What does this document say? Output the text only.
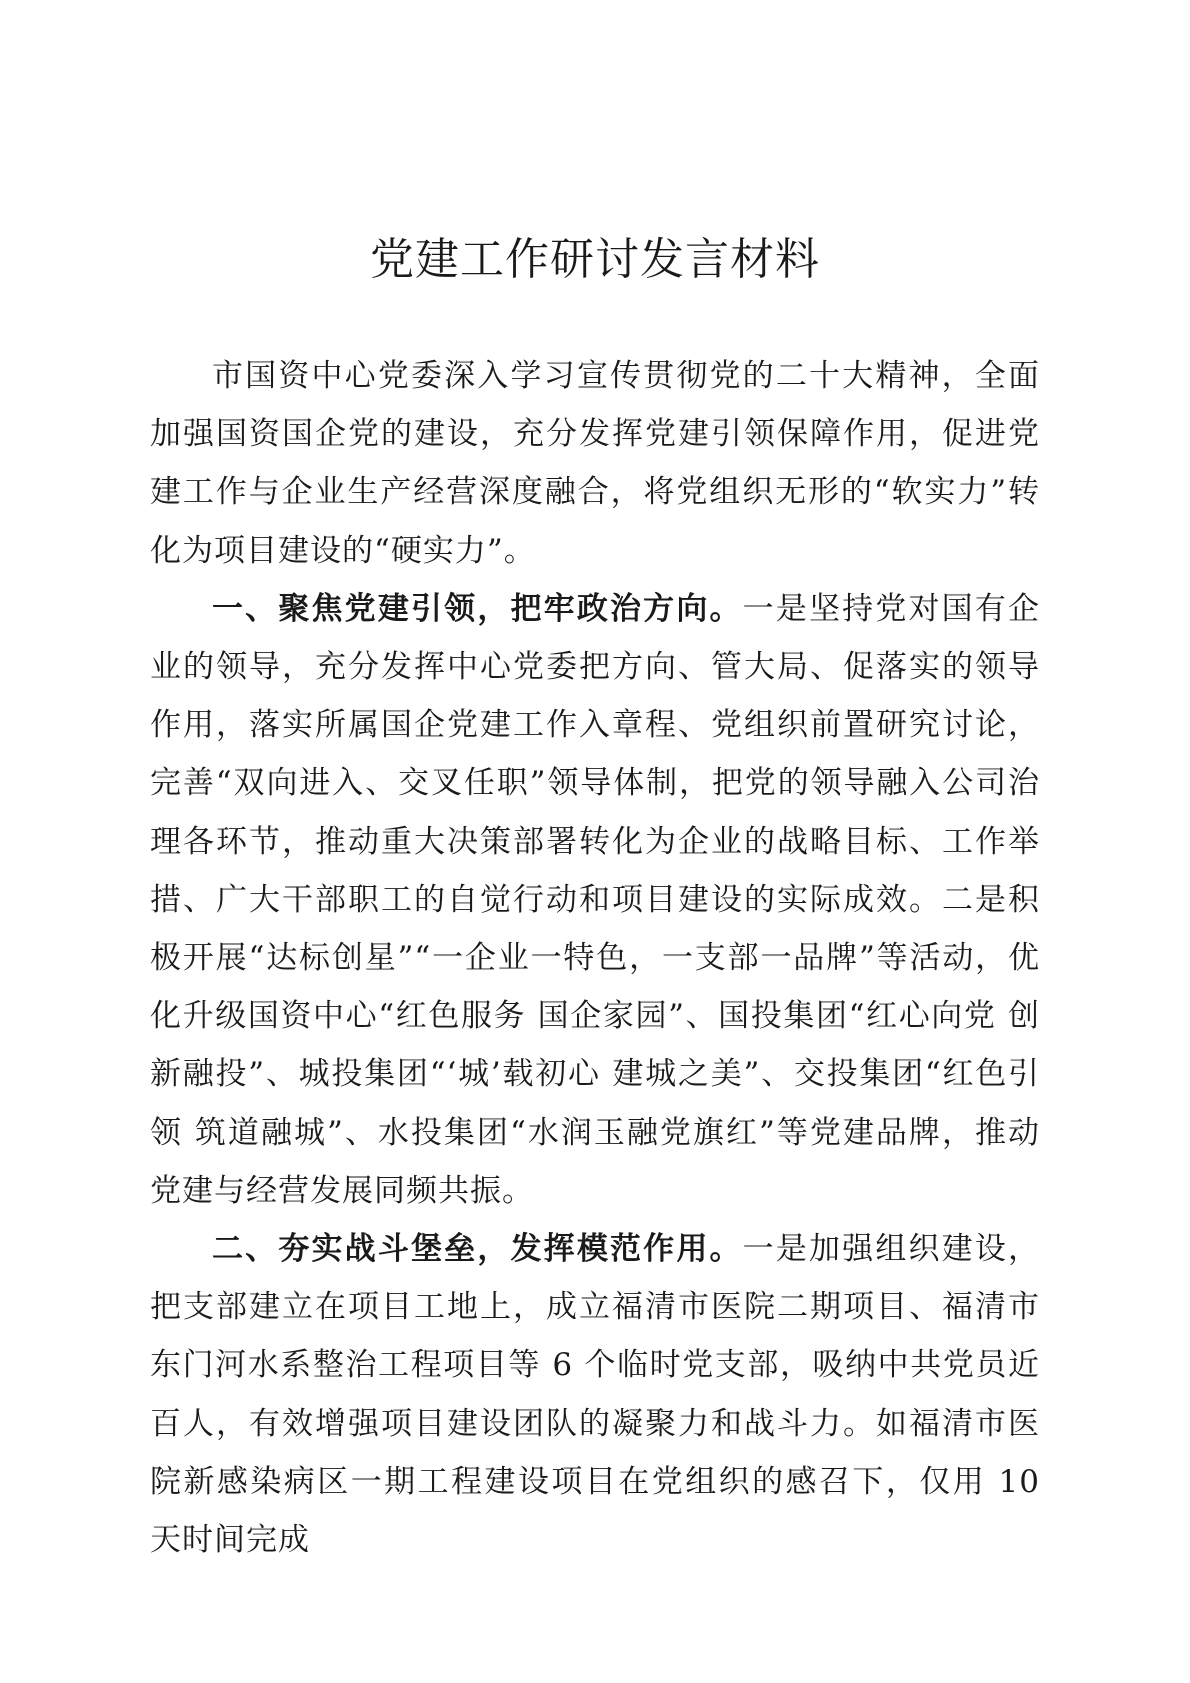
党建工作研讨发言材料

市国资中心党委深入学习宣传贯彻党的二十大精神，全面加强国资国企党的建设，充分发挥党建引领保障作用，促进党建工作与企业生产经营深度融合，将党组织无形的“软实力”转化为项目建设的“硬实力”。

一、聚焦党建引领，把牢政治方向。一是坚持党对国有企业的领导，充分发挥中心党委把方向、管大局、促落实的领导作用，落实所属国企党建工作入章程、党组织前置研究讨论，完善“双向进入、交叉任职”领导体制，把党的领导融入公司治理各环节，推动重大决策部署转化为企业的战略目标、工作举措、广大干部职工的自觉行动和项目建设的实际成效。二是积极开展“达标创星”“一企业一特色，一支部一品牌”等活动，优化升级国资中心“红色服务 国企家园”、国投集团“红心向党 创新融投”、城投集团“‘城’载初心 建城之美”、交投集团“红色引领 筑道融城”、水投集团“水润玉融党旗红”等党建品牌，推动党建与经营发展同频共振。

二、夯实战斗堡垒，发挥模范作用。一是加强组织建设，把支部建立在项目工地上，成立福清市医院二期项目、福清市东门河水系整治工程项目等 6 个临时党支部，吸纳中共党员近百人，有效增强项目建设团队的凝聚力和战斗力。如福清市医院新感染病区一期工程建设项目在党组织的感召下，仅用 10 天时间完成
